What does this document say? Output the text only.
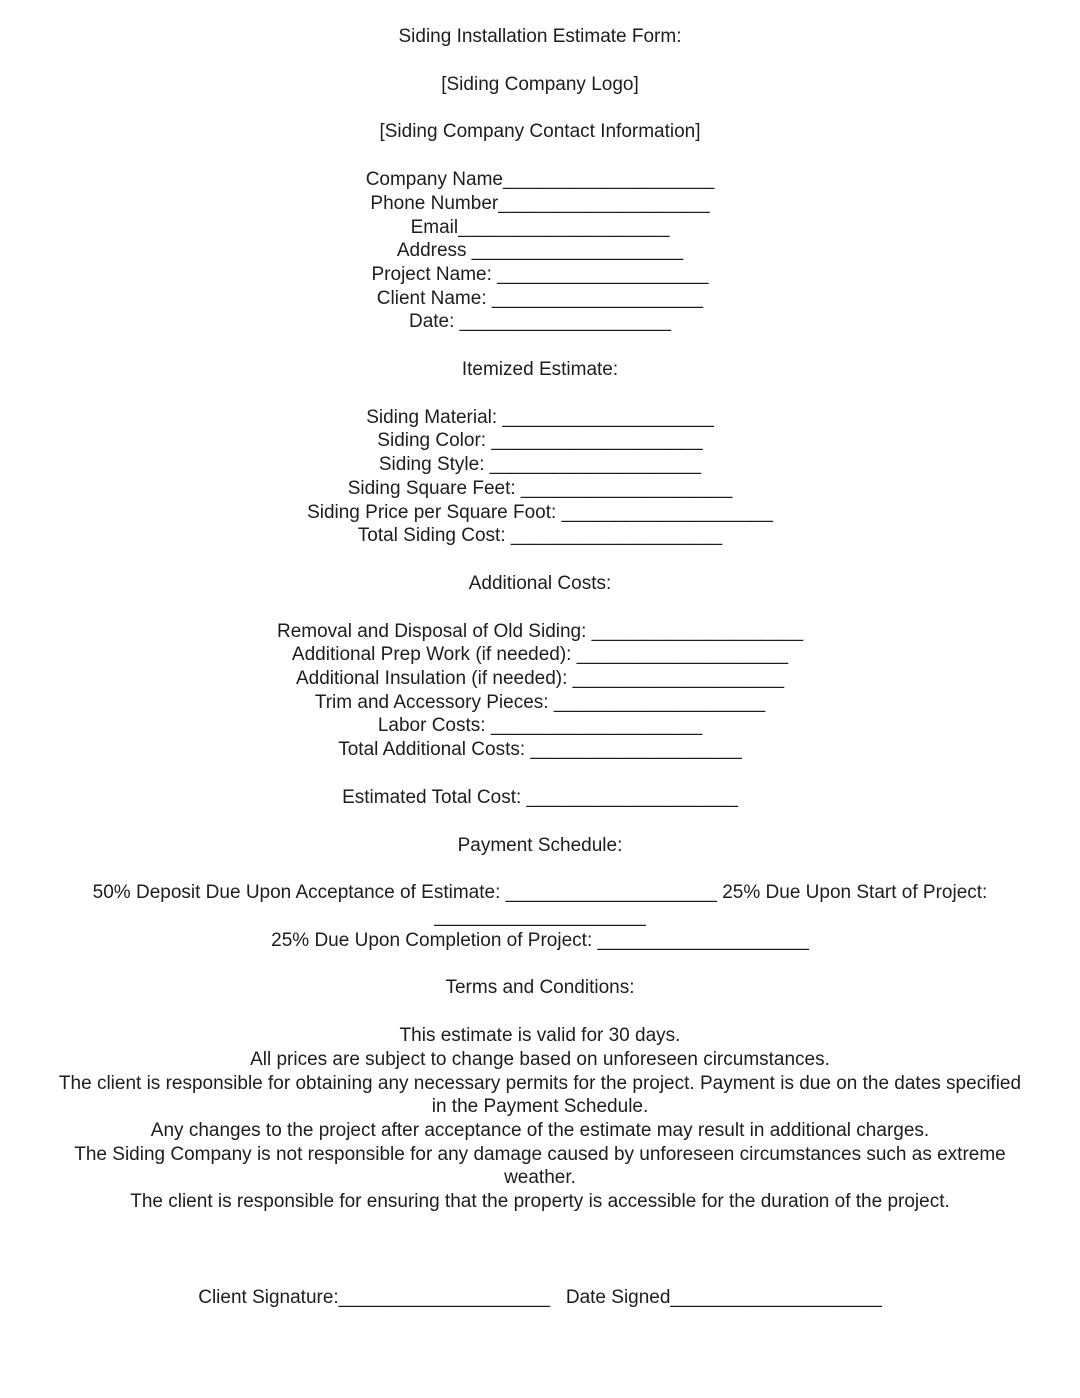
Siding Installation Estimate Form:

[Siding Company Logo]

[Siding Company Contact Information]

Company Name____________________

Phone Number____________________

Email____________________

Address ____________________

Project Name: ____________________

Client Name: ____________________

Date: ____________________

Itemized Estimate:

Siding Material: ____________________

Siding Color: ____________________

Siding Style: ____________________

Siding Square Feet: ____________________

Siding Price per Square Foot: ____________________

Total Siding Cost: ____________________

Additional Costs:

Removal and Disposal of Old Siding: ____________________

Additional Prep Work (if needed): ____________________

Additional Insulation (if needed): ____________________

Trim and Accessory Pieces: ____________________

Labor Costs: ____________________

Total Additional Costs: ____________________

Estimated Total Cost: ____________________

Payment Schedule:

50% Deposit Due Upon Acceptance of Estimate: ____________________ 25% Due Upon Start of Project:

____________________

25% Due Upon Completion of Project: ____________________

Terms and Conditions:

This estimate is valid for 30 days.

All prices are subject to change based on unforeseen circumstances.

The client is responsible for obtaining any necessary permits for the project. Payment is due on the dates specified in the Payment Schedule.

Any changes to the project after acceptance of the estimate may result in additional charges.

The Siding Company is not responsible for any damage caused by unforeseen circumstances such as extreme weather.

The client is responsible for ensuring that the property is accessible for the duration of the project.

Client Signature:____________________   Date Signed____________________
